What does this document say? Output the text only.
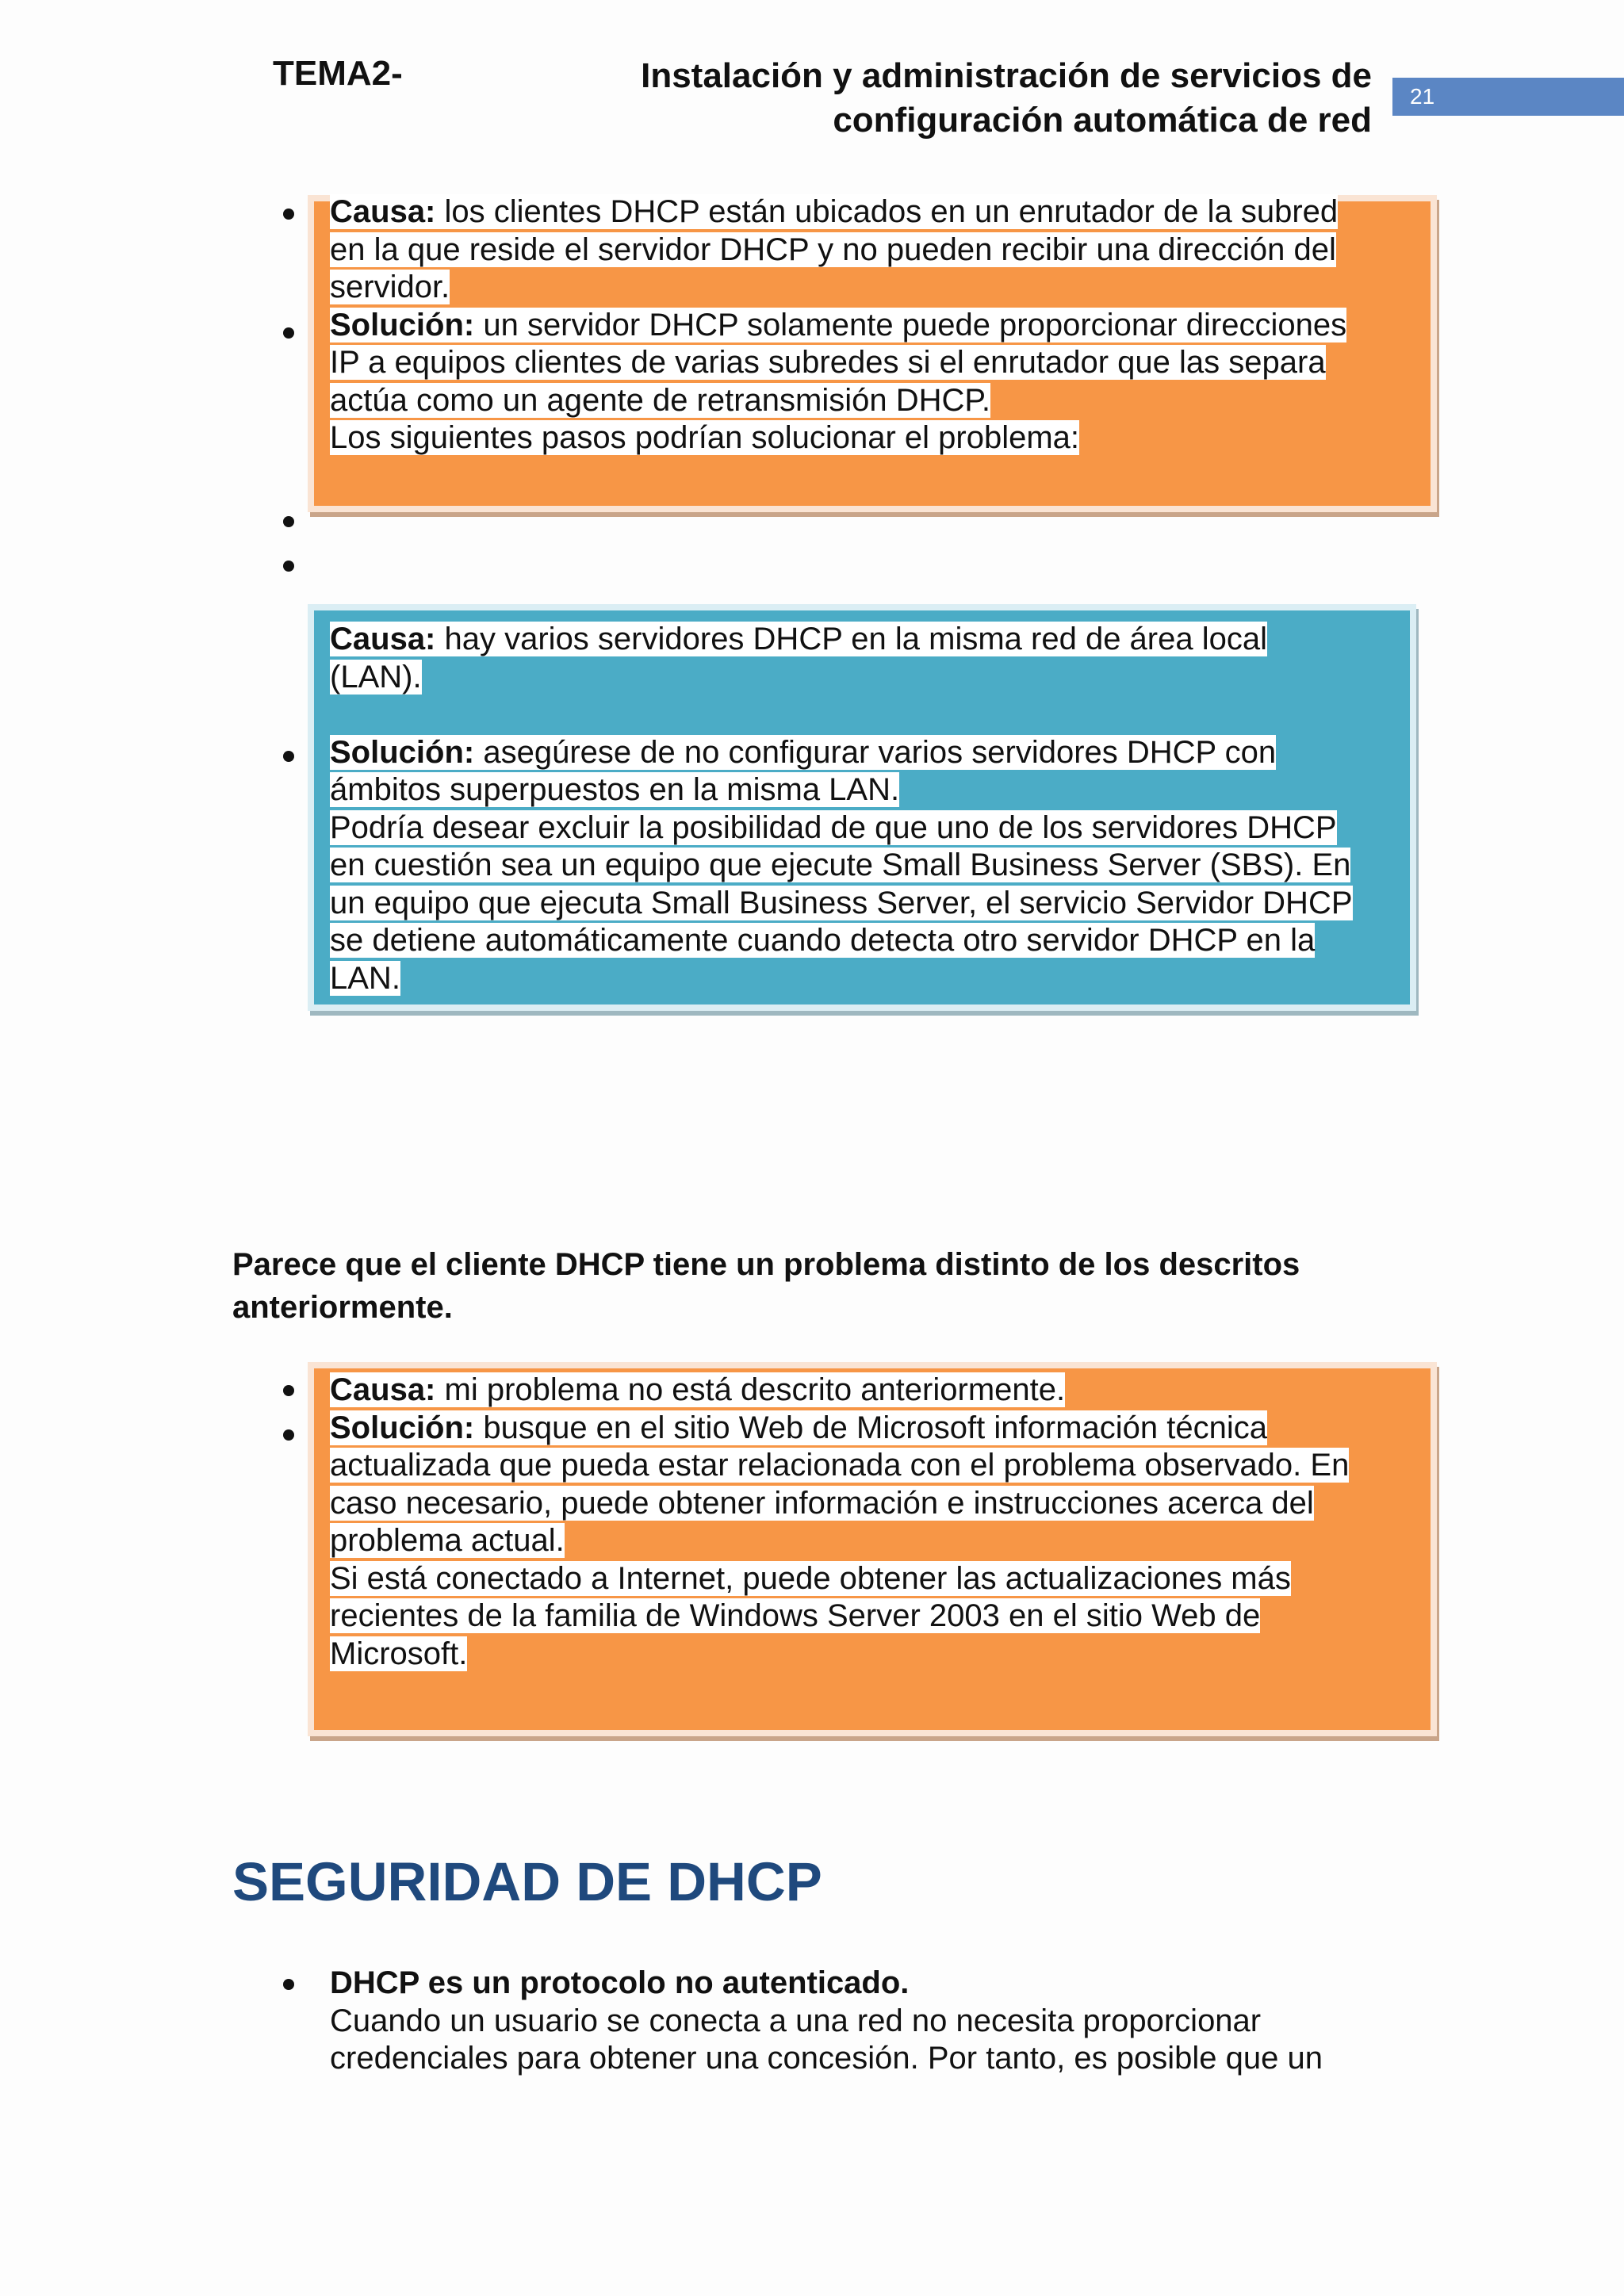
TEMA2-	Instalación y administración de servicios de
configuración automática de red
21
Causa: los clientes DHCP están ubicados en un enrutador de la subred
en la que reside el servidor DHCP y no pueden recibir una dirección del
servidor.
Solución: un servidor DHCP solamente puede proporcionar direcciones
IP a equipos clientes de varias subredes si el enrutador que las separa
actúa como un agente de retransmisión DHCP.
Los siguientes pasos podrían solucionar el problema:
Causa: hay varios servidores DHCP en la misma red de área local
(LAN).
Solución: asegúrese de no configurar varios servidores DHCP con
ámbitos superpuestos en la misma LAN.
Podría desear excluir la posibilidad de que uno de los servidores DHCP
en cuestión sea un equipo que ejecute Small Business Server (SBS). En
un equipo que ejecuta Small Business Server, el servicio Servidor DHCP
se detiene automáticamente cuando detecta otro servidor DHCP en la
LAN.
Parece que el cliente DHCP tiene un problema distinto de los descritos
anteriormente.
Causa: mi problema no está descrito anteriormente.
Solución: busque en el sitio Web de Microsoft información técnica
actualizada que pueda estar relacionada con el problema observado. En
caso necesario, puede obtener información e instrucciones acerca del
problema actual.
Si está conectado a Internet, puede obtener las actualizaciones más
recientes de la familia de Windows Server 2003 en el sitio Web de
Microsoft.
SEGURIDAD DE DHCP
DHCP es un protocolo no autenticado.
Cuando un usuario se conecta a una red no necesita proporcionar
credenciales para obtener una concesión. Por tanto, es posible que un
